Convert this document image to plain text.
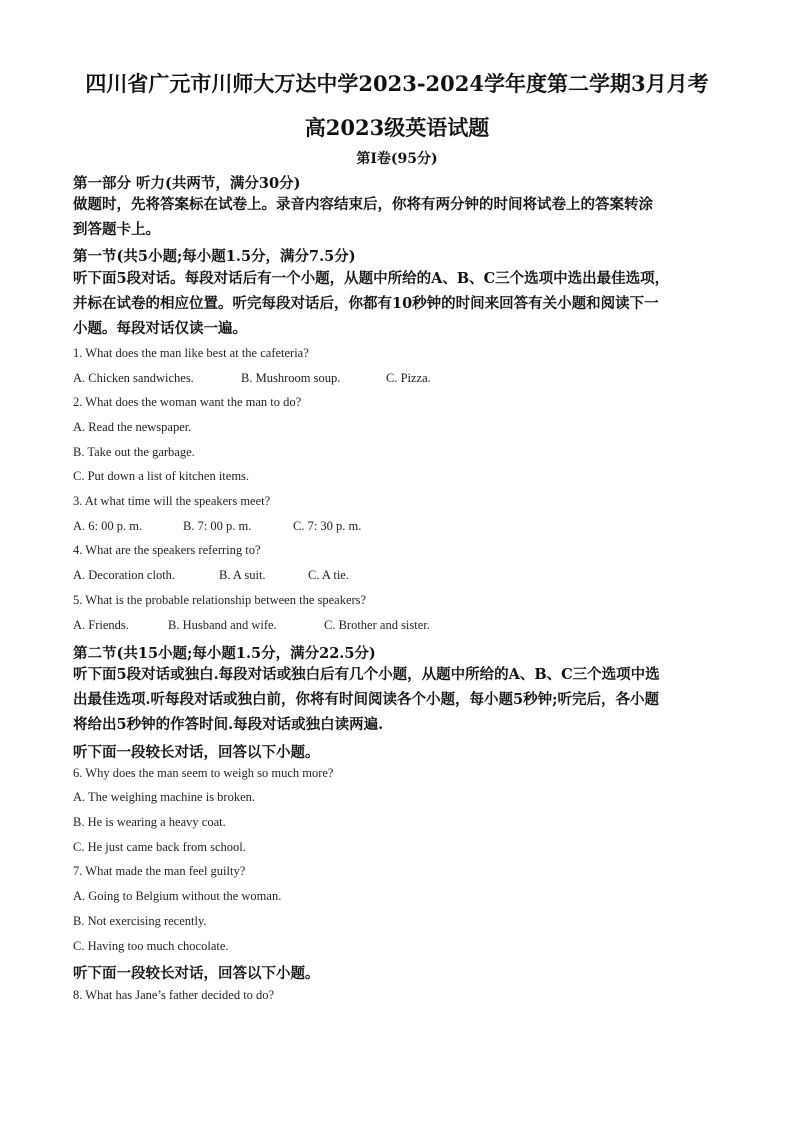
四川省广元市川师大万达中学2023-2024学年度第二学期3月月考
高2023级英语试题
第Ⅰ卷(95分)
第一部分 听力(共两节，满分30分)
做题时，先将答案标在试卷上。录音内容结束后，你将有两分钟的时间将试卷上的答案转涂
到答题卡上。
第一节(共5小题;每小题1.5分，满分7.5分)
听下面5段对话。每段对话后有一个小题，从题中所给的A、B、C三个选项中选出最佳选项，
并标在试卷的相应位置。听完每段对话后，你都有10秒钟的时间来回答有关小题和阅读下一
小题。每段对话仅读一遍。
1. What does the man like best at the cafeteria?
A. Chicken sandwiches.	B. Mushroom soup.	C. Pizza.
2. What does the woman want the man to do?
A. Read the newspaper.
B. Take out the garbage.
C. Put down a list of kitchen items.
3. At what time will the speakers meet?
A. 6: 00 p. m.	B. 7: 00 p. m.	C. 7: 30 p. m.
4. What are the speakers referring to?
A. Decoration cloth.	B. A suit.	C. A tie.
5. What is the probable relationship between the speakers?
A. Friends.	B. Husband and wife.	C. Brother and sister.
第二节(共15小题;每小题1.5分，满分22.5分)
听下面5段对话或独白.每段对话或独白后有几个小题，从题中所给的A、B、C三个选项中选
出最佳选项.听每段对话或独白前，你将有时间阅读各个小题，每小题5秒钟;听完后，各小题
将给出5秒钟的作答时间.每段对话或独白读两遍.
听下面一段较长对话，回答以下小题。
6. Why does the man seem to weigh so much more?
A. The weighing machine is broken.
B. He is wearing a heavy coat.
C. He just came back from school.
7. What made the man feel guilty?
A. Going to Belgium without the woman.
B. Not exercising recently.
C. Having too much chocolate.
听下面一段较长对话，回答以下小题。
8. What has Jane’s father decided to do?
